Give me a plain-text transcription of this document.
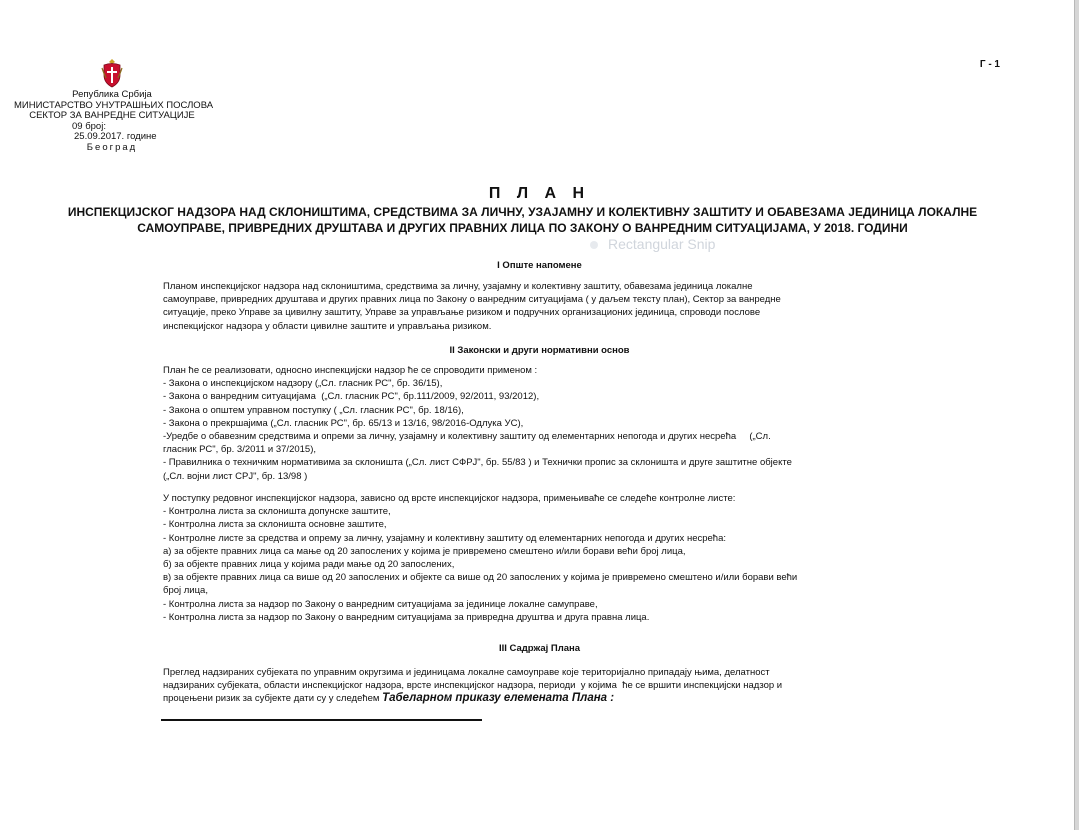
Г - 1
Република Србија
МИНИСТАРСТВО УНУТРАШЊИХ ПОСЛОВА
СЕКТОР ЗА ВАНРЕДНЕ СИТУАЦИЈЕ
09 број:
25.09.2017. године
Београд
П Л А Н
ИНСПЕКЦИЈСКОГ НАДЗОРА НАД СКЛОНИШТИМА, СРЕДСТВИМА ЗА ЛИЧНУ, УЗАЈАМНУ И КОЛЕКТИВНУ ЗАШТИТУ И ОБАВЕЗАМА ЈЕДИНИЦА ЛОКАЛНЕ
САМОУПРАВЕ, ПРИВРЕДНИХ ДРУШТАВА И ДРУГИХ ПРАВНИХ ЛИЦА ПО ЗАКОНУ О ВАНРЕДНИМ СИТУАЦИЈАМА, У 2018. ГОДИНИ
Rectangular Snip
I Опште напомене

Планом инспекцијског надзора над склоништима, средствима за личну, узајамну и колективну заштиту, обавезама јединица локалне

самоуправе, привредних друштава и других правних лица по Закону о ванредним ситуацијама ( у даљем тексту план), Сектор за ванредне

ситуације, преко Управе за цивилну заштиту, Управе за управљање ризиком и подручних организационих јединица, спроводи послове

инспекцијског надзора у области цивилне заштите и управљања ризиком.

II Законски и други нормативни основ

План ће се реализовати, односно инспекцијски надзор ће се спроводити применом :

- Закона о инспекцијском надзору („Сл. гласник РС", бр. 36/15),

- Закона о ванредним ситуацијама  („Сл. гласник РС", бр.111/2009, 92/2011, 93/2012),

- Закона о општем управном поступку ( „Сл. гласник РС", бр. 18/16),

- Закона о прекршајима („Сл. гласник РС", бр. 65/13 и 13/16, 98/2016-Одлука УС),

-Уредбе о обавезним средствима и опреми за личну, узајамну и колективну заштиту од елементарних непогода и других несрећа     („Сл.

гласник РС", бр. 3/2011 и 37/2015),

- Правилника о техничким нормативима за склоништа („Сл. лист СФРЈ", бр. 55/83 ) и Технички пропис за склоништа и друге заштитне објекте

(„Сл. војни лист СРЈ", бр. 13/98 )

У поступку редовног инспекцијског надзора, зависно од врсте инспекцијског надзора, примењиваће се следеће контролне листе:

- Контролна листа за склоништа допунске заштите,

- Контролна листа за склоништа основне заштите,

- Контролне листе за средства и опрему за личну, узајамну и колективну заштиту од елементарних непогода и других несрећа:

а) за објекте правних лица са мање од 20 запослених у којима је привремено смештено и/или борави већи број лица,

б) за објекте правних лица у којима ради мање од 20 запослених,

в) за објекте правних лица са више од 20 запослених и објекте са више од 20 запослених у којима је привремено смештено и/или борави већи

број лица,

- Контролна листа за надзор по Закону о ванредним ситуацијама за јединице локалне самуправе,

- Контролна листа за надзор по Закону о ванредним ситуацијама за привредна друштва и друга правна лица.

III Садржај Плана

Преглед надзираних субјеката по управним округзима и јединицама локалне самоуправе које територијално припадају њима, делатност

надзираних субјеката, области инспекцијског надзора, врсте инспекцијског надзора, периоди  у којима  ће се вршити инспекцијски надзор и

процењени ризик за субјекте дати су у следећем Табеларном приказу елемената Плана :
